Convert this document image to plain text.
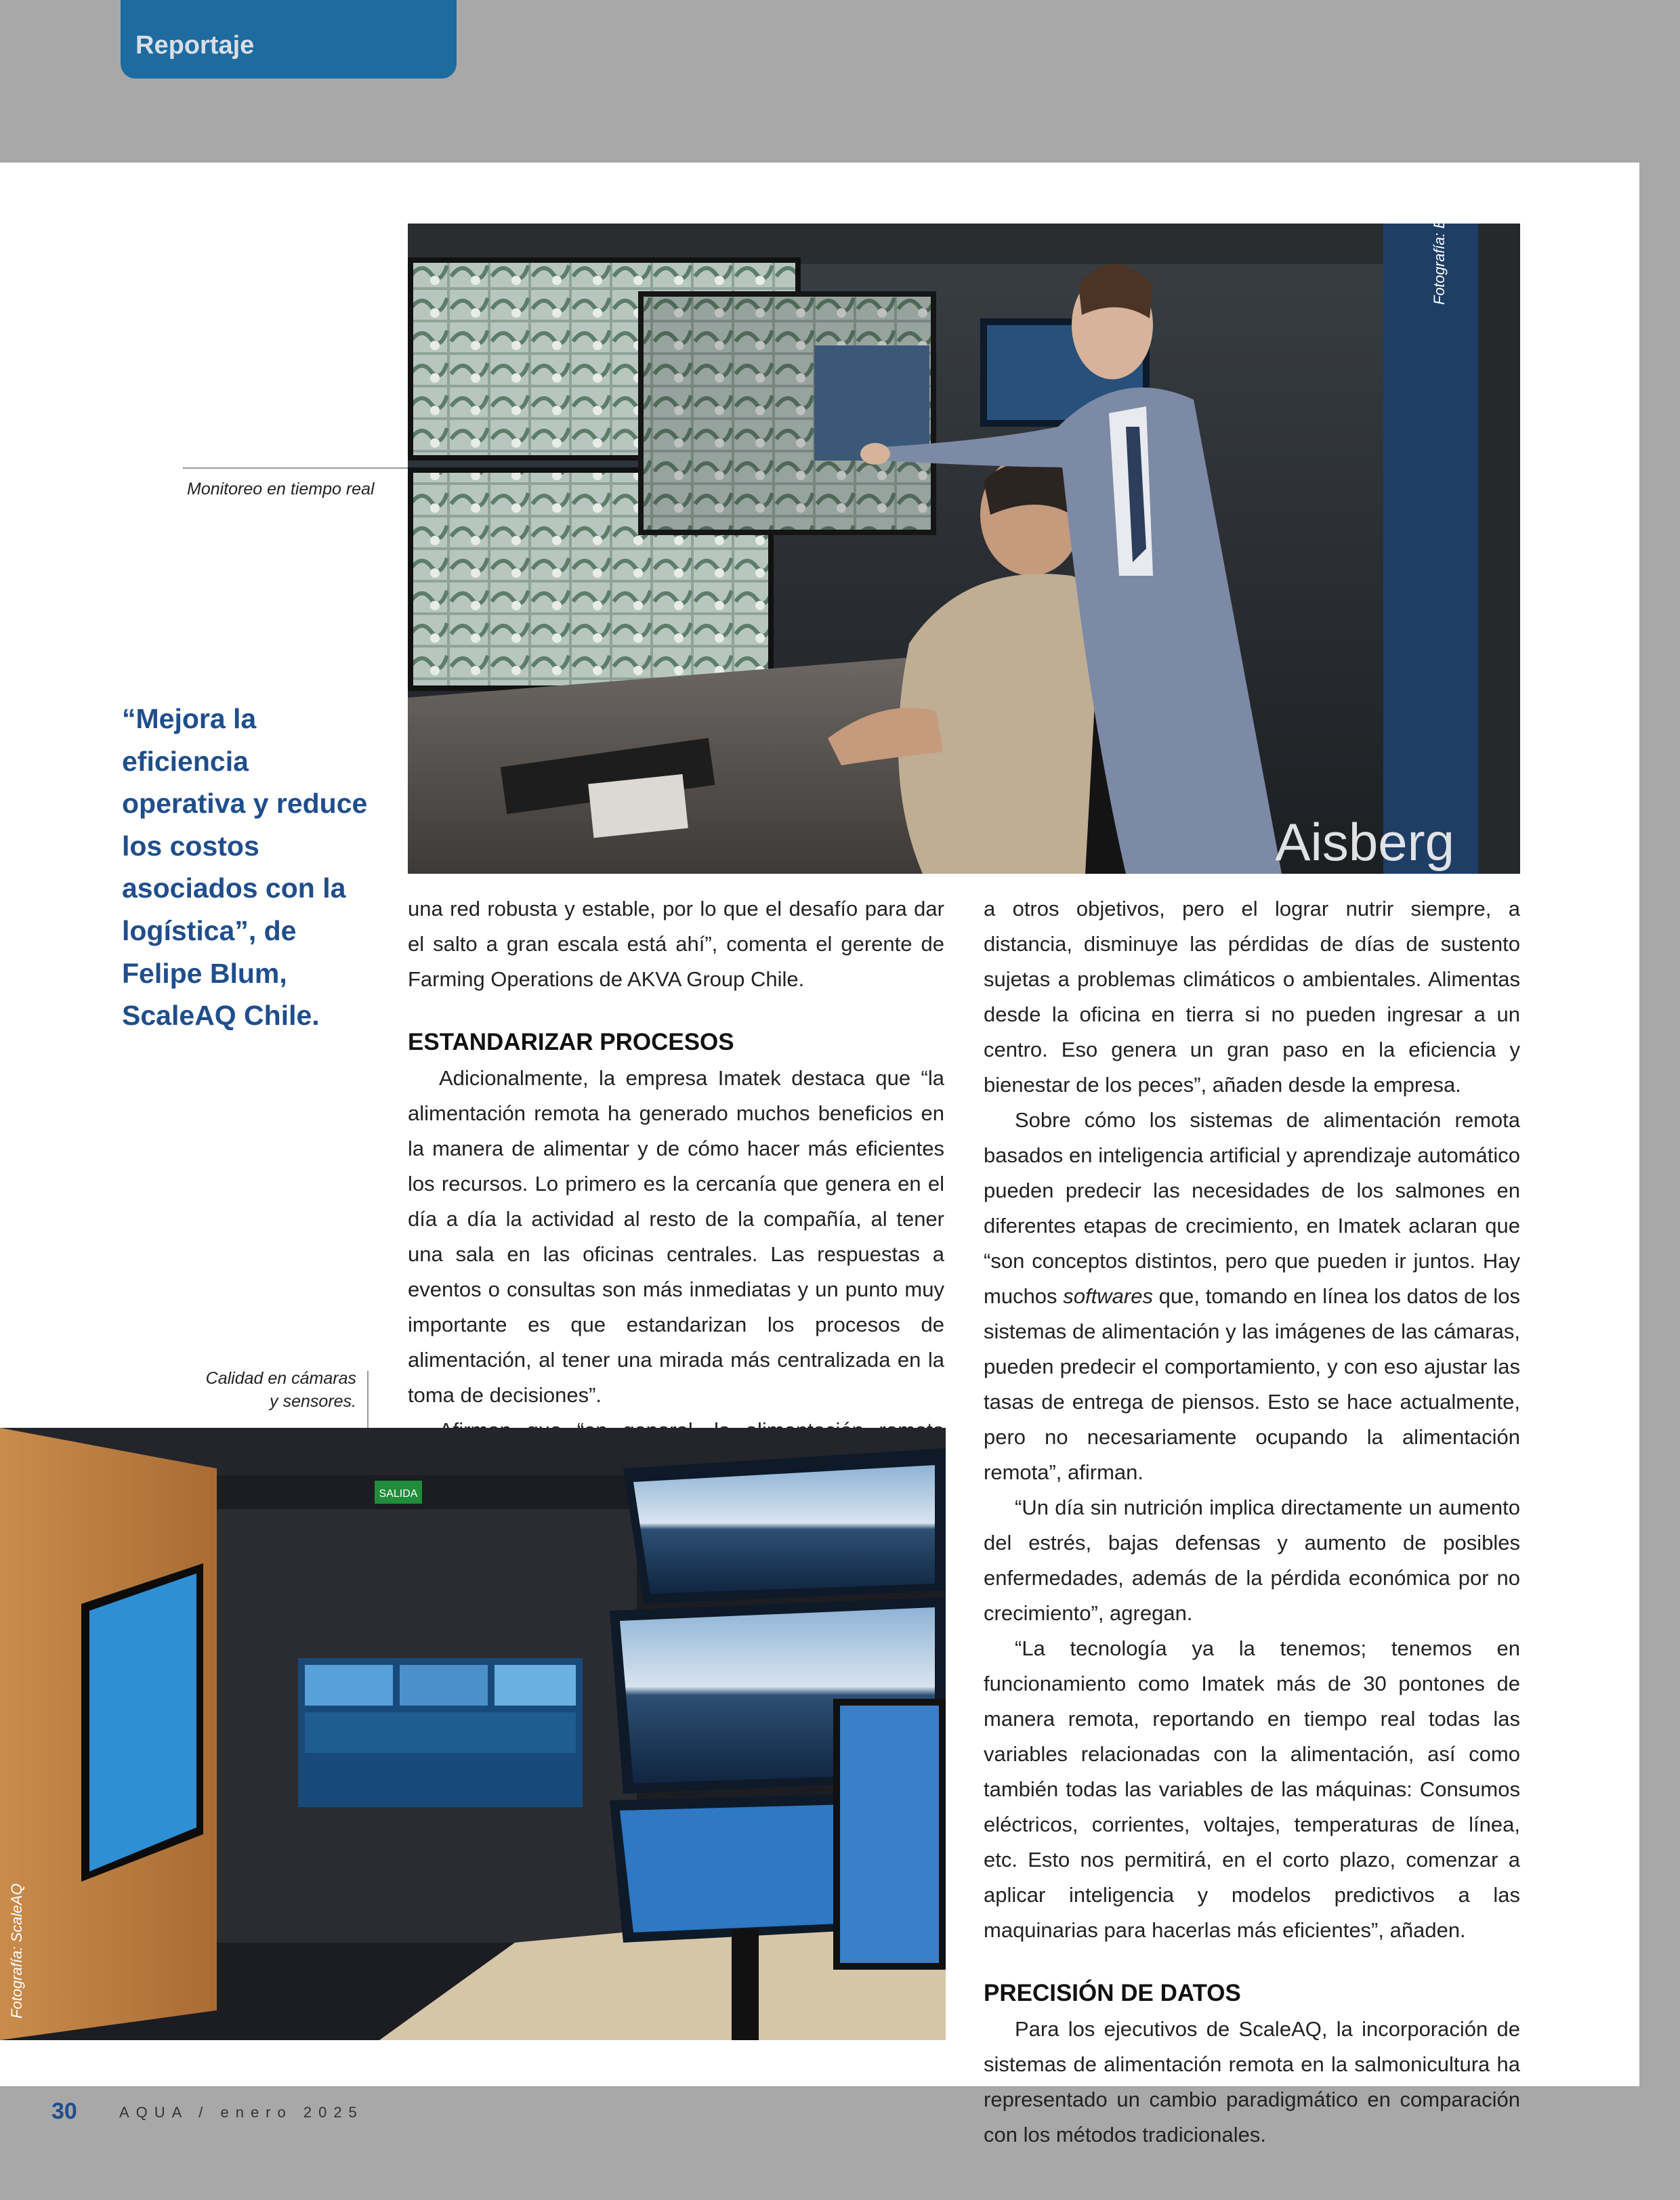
Reportaje
Aisberg
Fotografía: Blumar.
Monitoreo en tiempo real
“Mejora la eficiencia operativa y reduce los costos asociados con la logística”, de Felipe Blum, ScaleAQ Chile.

una red robusta y estable, por lo que el desafío para dar el salto a gran escala está ahí”, comenta el gerente de Farming Operations de AKVA Group Chile.

ESTANDARIZAR PROCESOS

Adicionalmente, la empresa Imatek destaca que “la alimentación remota ha generado muchos beneficios en la manera de alimentar y de cómo hacer más eficientes los recursos. Lo primero es la cercanía que genera en el día a día la actividad al resto de la compañía, al tener una sala en las oficinas centrales. Las respuestas a eventos o consultas son más inmediatas y un punto muy importante es que estandarizan los procesos de alimentación, al tener una mirada más centralizada en la toma de decisiones”.

Calidad en cámaras
y sensores.
SALIDA
Fotografía: ScaleAQ

a otros objetivos, pero el lograr nutrir siempre, a distancia, disminuye las pérdidas de días de sustento sujetas a problemas climáticos o ambientales. Alimentas desde la oficina en tierra si no pueden ingresar a un centro. Eso genera un gran paso en la eficiencia y bienestar de los peces”, añaden desde la empresa.

Sobre cómo los sistemas de alimentación remota basados en inteligencia artificial y aprendizaje automático pueden predecir las necesidades de los salmones en diferentes etapas de crecimiento, en Imatek aclaran que “son conceptos distintos, pero que pueden ir juntos. Hay muchos softwares que, tomando en línea los datos de los sistemas de alimentación y las imágenes de las cámaras, pueden predecir el comportamiento, y con eso ajustar las tasas de entrega de piensos. Esto se hace actualmente, pero no necesariamente ocupando la alimentación remota”, afirman.

“Un día sin nutrición implica directamente un aumento del estrés, bajas defensas y aumento de posibles enfermedades, además de la pérdida económica por no crecimiento”, agregan.

“La tecnología ya la tenemos; tenemos en funcionamiento como Imatek más de 30 pontones de manera remota, reportando en tiempo real todas las variables relacionadas con la alimentación, así como también todas las variables de las máquinas: Consumos eléctricos, corrientes, voltajes, temperaturas de línea, etc. Esto nos permitirá, en el corto plazo, comenzar a aplicar inteligencia y modelos predictivos a las maquinarias para hacerlas más eficientes”, añaden.

PRECISIÓN DE DATOS

Para los ejecutivos de ScaleAQ, la incorporación de sistemas de alimentación remota en la salmonicultura ha representado un cambio paradigmático en comparación con los métodos tradicionales.

30	AQUA / enero 2025
